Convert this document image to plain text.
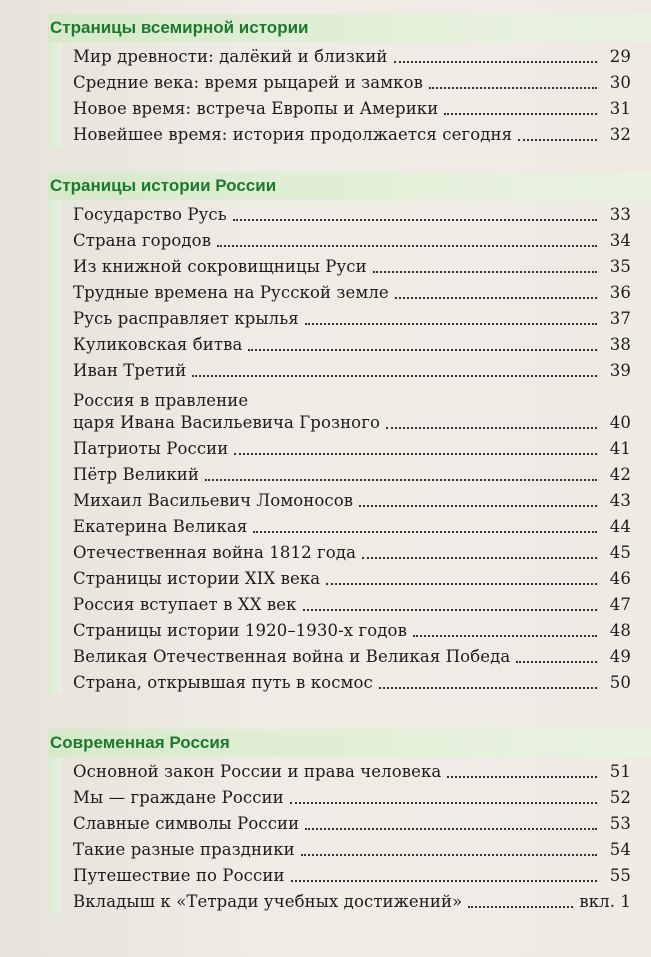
Страницы всемирной истории
Мир древности: далёкий и близкий	29
Средние века: время рыцарей и замков	30
Новое время: встреча Европы и Америки	31
Новейшее время: история продолжается сегодня	32
Страницы истории России
Государство Русь	33
Страна городов	34
Из книжной сокровищницы Руси	35
Трудные времена на Русской земле	36
Русь расправляет крылья	37
Куликовская битва	38
Иван Третий	39
Россия в правление
царя Ивана Васильевича Грозного	40
Патриоты России	41
Пётр Великий	42
Михаил Васильевич Ломоносов	43
Екатерина Великая	44
Отечественная война 1812 года	45
Страницы истории XIX века	46
Россия вступает в XX век	47
Страницы истории 1920–1930-х годов	48
Великая Отечественная война и Великая Победа	49
Страна, открывшая путь в космос	50
Современная Россия
Основной закон России и права человека	51
Мы — граждане России	52
Славные символы России	53
Такие разные праздники	54
Путешествие по России	55
Вкладыш к «Тетради учебных достижений»	вкл. 1
